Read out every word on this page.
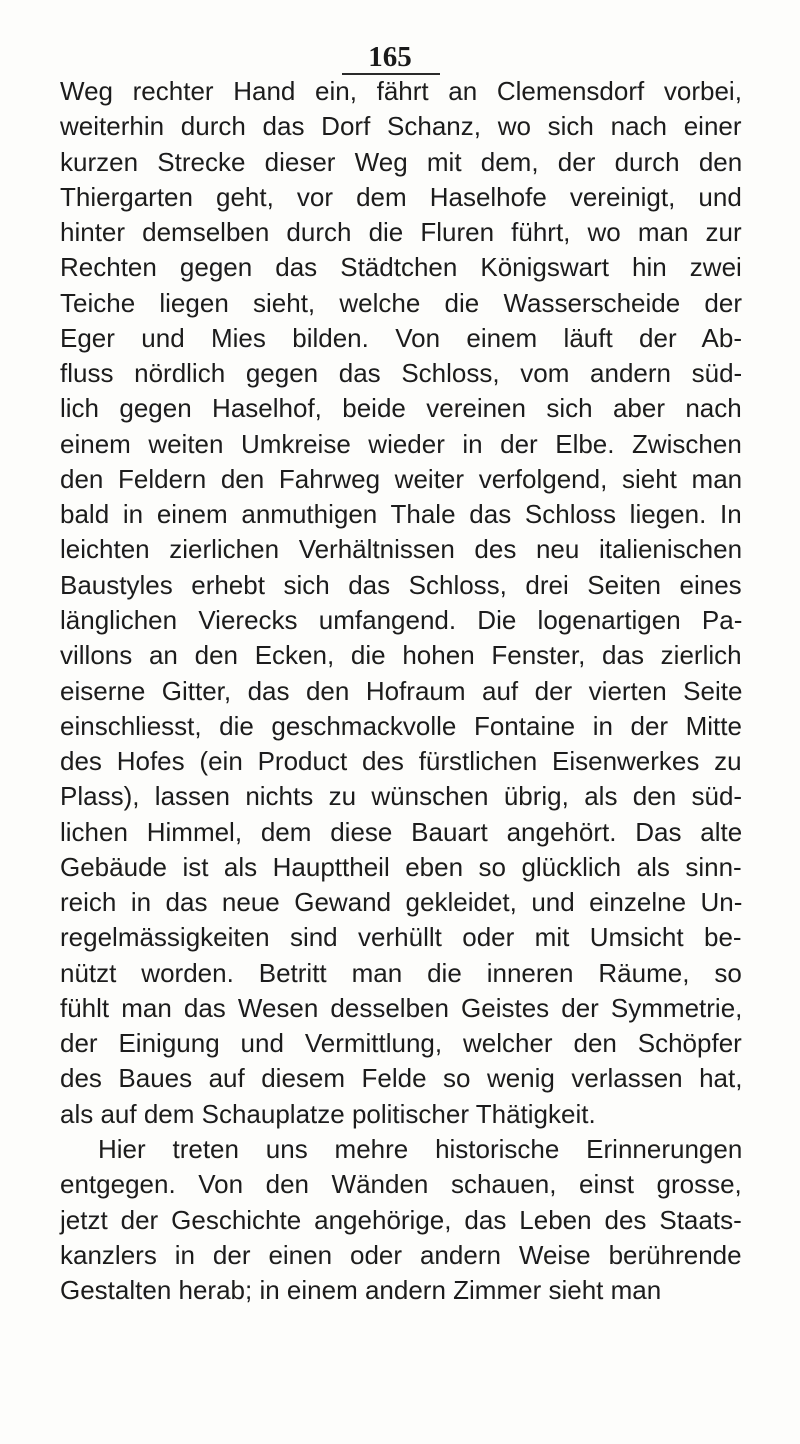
165
Weg rechter Hand ein, fährt an Clemensdorf vorbei,
weiterhin durch das Dorf Schanz, wo sich nach einer
kurzen Strecke dieser Weg mit dem, der durch den
Thiergarten geht, vor dem Haselhofe vereinigt, und
hinter demselben durch die Fluren führt, wo man zur
Rechten gegen das Städtchen Königswart hin zwei
Teiche liegen sieht, welche die Wasserscheide der
Eger und Mies bilden. Von einem läuft der Ab-
fluss nördlich gegen das Schloss, vom andern süd-
lich gegen Haselhof, beide vereinen sich aber nach
einem weiten Umkreise wieder in der Elbe. Zwischen
den Feldern den Fahrweg weiter verfolgend, sieht man
bald in einem anmuthigen Thale das Schloss liegen. In
leichten zierlichen Verhältnissen des neu italienischen
Baustyles erhebt sich das Schloss, drei Seiten eines
länglichen Vierecks umfangend. Die logenartigen Pa-
villons an den Ecken, die hohen Fenster, das zierlich
eiserne Gitter, das den Hofraum auf der vierten Seite
einschliesst, die geschmackvolle Fontaine in der Mitte
des Hofes (ein Product des fürstlichen Eisenwerkes zu
Plass), lassen nichts zu wünschen übrig, als den süd-
lichen Himmel, dem diese Bauart angehört. Das alte
Gebäude ist als Haupttheil eben so glücklich als sinn-
reich in das neue Gewand gekleidet, und einzelne Un-
regelmässigkeiten sind verhüllt oder mit Umsicht be-
nützt worden. Betritt man die inneren Räume, so
fühlt man das Wesen desselben Geistes der Symmetrie,
der Einigung und Vermittlung, welcher den Schöpfer
des Baues auf diesem Felde so wenig verlassen hat,
als auf dem Schauplatze politischer Thätigkeit.
Hier treten uns mehre historische Erinnerungen
entgegen. Von den Wänden schauen, einst grosse,
jetzt der Geschichte angehörige, das Leben des Staats-
kanzlers in der einen oder andern Weise berührende
Gestalten herab; in einem andern Zimmer sieht man
